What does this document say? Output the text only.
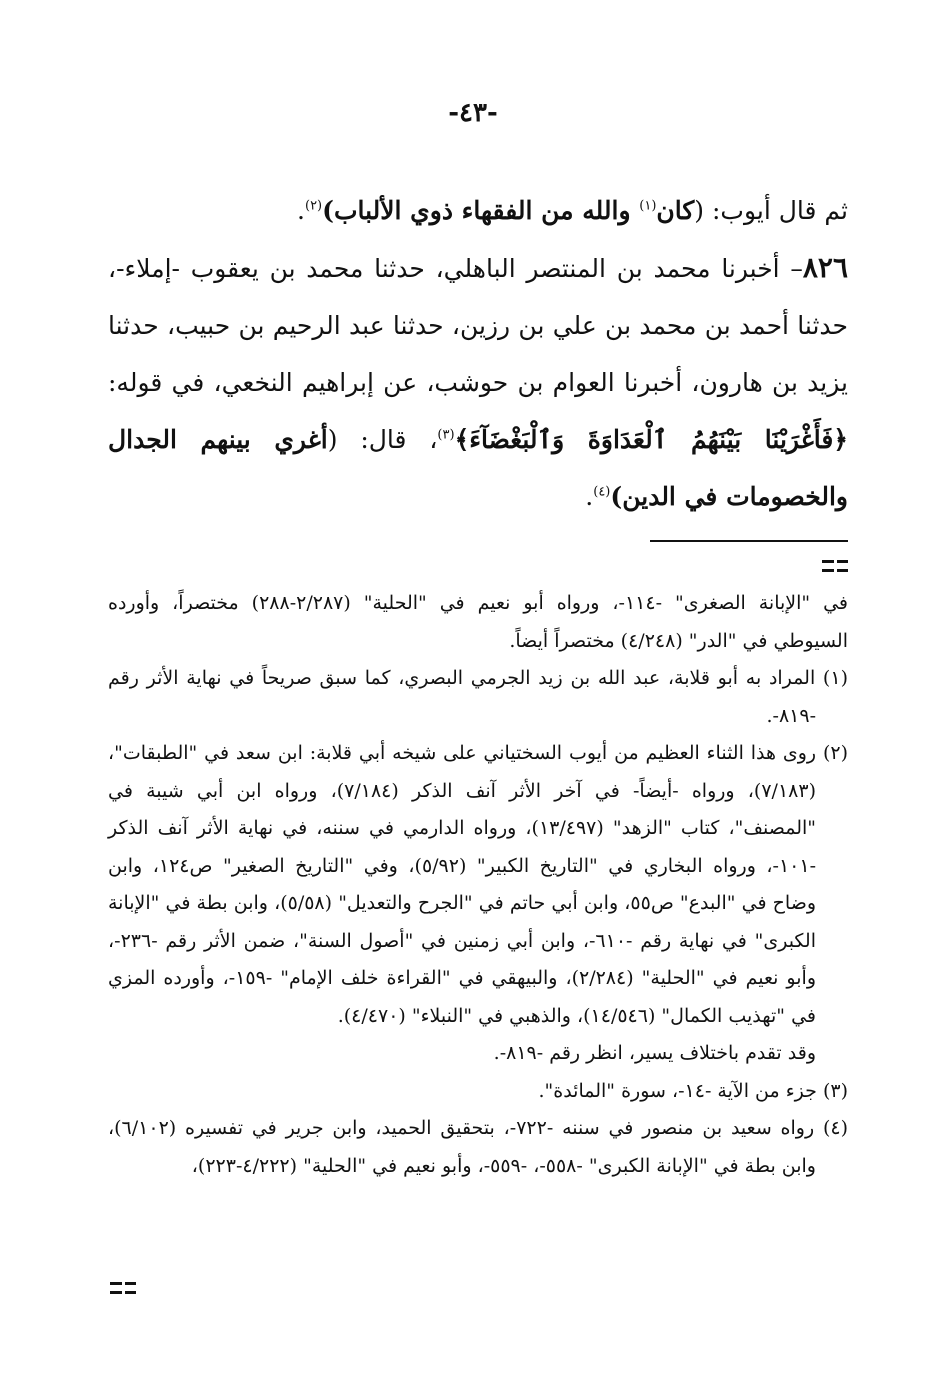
-٤٣-

ثم قال أيوب: (كان$^{(١)}$ والله من الفقهاء ذوي الألباب)$^{(٢)}$.

٨٢٦– أخبرنا محمد بن المنتصر الباهلي، حدثنا محمد بن يعقوب -إملاء-، حدثنا أحمد بن محمد بن علي بن رزين، حدثنا عبد الرحيم بن حبيب، حدثنا يزيد بن هارون، أخبرنا العوام بن حوشب، عن إبراهيم النخعي، في قوله: ﴿فَأَغْرَيْنَا بَيْنَهُمُ ٱلْعَدَاوَةَ وَٱلْبَغْضَآءَ﴾$^{(٣)}$، قال: (أغري بينهم الجدال والخصومات في الدين)$^{(٤)}$.

في "الإبانة الصغرى" -١١٤-، ورواه أبو نعيم في "الحلية" (٢/٢٨٧-٢٨٨) مختصراً، وأورده السيوطي في "الدر" (٤/٢٤٨) مختصراً أيضاً.

(١) المراد به أبو قلابة، عبد الله بن زيد الجرمي البصري، كما سبق صريحاً في نهاية الأثر رقم -٨١٩-.

(٢) روى هذا الثناء العظيم من أيوب السختياني على شيخه أبي قلابة: ابن سعد في "الطبقات"، (٧/١٨٣)، ورواه -أيضاً- في آخر الأثر آنف الذكر (٧/١٨٤)، ورواه ابن أبي شيبة في "المصنف"، كتاب "الزهد" (١٣/٤٩٧)، ورواه الدارمي في سننه، في نهاية الأثر آنف الذكر -١٠١-، ورواه البخاري في "التاريخ الكبير" (٥/٩٢)، وفي "التاريخ الصغير" ص١٢٤، وابن وضاح في "البدع" ص٥٥، وابن أبي حاتم في "الجرح والتعديل" (٥/٥٨)، وابن بطة في "الإبانة الكبرى" في نهاية رقم -٦١٠-، وابن أبي زمنين في "أصول السنة"، ضمن الأثر رقم -٢٣٦-، وأبو نعيم في "الحلية" (٢/٢٨٤)، والبيهقي في "القراءة خلف الإمام" -١٥٩-، وأورده المزي في "تهذيب الكمال" (١٤/٥٤٦)، والذهبي في "النبلاء" (٤/٤٧٠).

وقد تقدم باختلاف يسير، انظر رقم -٨١٩-.

(٣) جزء من الآية -١٤-، سورة "المائدة".

(٤) رواه سعيد بن منصور في سننه -٧٢٢-، بتحقيق الحميد، وابن جرير في تفسيره (٦/١٠٢)، وابن بطة في "الإبانة الكبرى" -٥٥٨-، -٥٥٩-، وأبو نعيم في "الحلية" (٤/٢٢٢-٢٢٣)،
